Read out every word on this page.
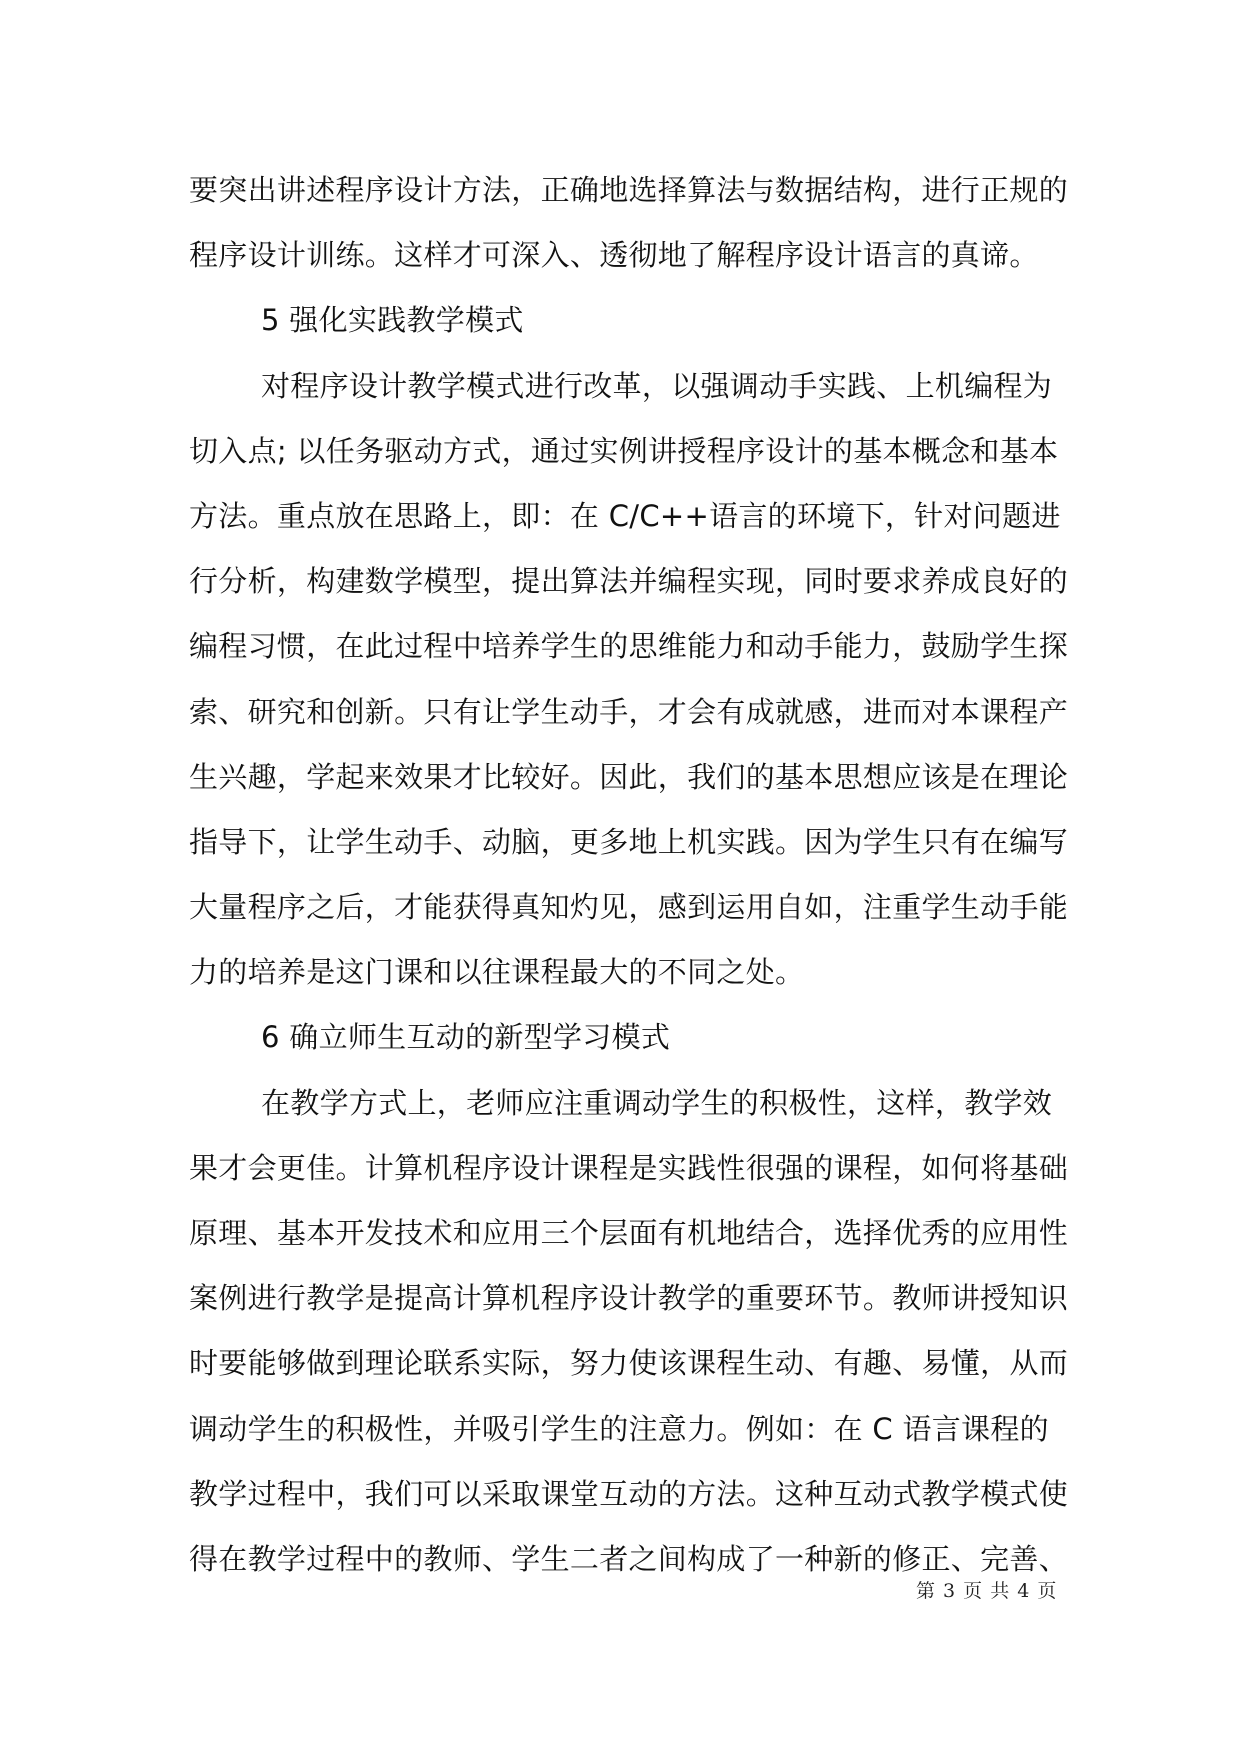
要突出讲述程序设计方法，正确地选择算法与数据结构，进行正规的
程序设计训练。这样才可深入、透彻地了解程序设计语言的真谛。
5 强化实践教学模式
对程序设计教学模式进行改革，以强调动手实践、上机编程为
切入点; 以任务驱动方式，通过实例讲授程序设计的基本概念和基本
方法。重点放在思路上，即：在 C/C++语言的环境下，针对问题进
行分析，构建数学模型，提出算法并编程实现，同时要求养成良好的
编程习惯，在此过程中培养学生的思维能力和动手能力，鼓励学生探
索、研究和创新。只有让学生动手，才会有成就感，进而对本课程产
生兴趣，学起来效果才比较好。因此，我们的基本思想应该是在理论
指导下，让学生动手、动脑，更多地上机实践。因为学生只有在编写
大量程序之后，才能获得真知灼见，感到运用自如，注重学生动手能
力的培养是这门课和以往课程最大的不同之处。
6 确立师生互动的新型学习模式
在教学方式上，老师应注重调动学生的积极性，这样，教学效
果才会更佳。计算机程序设计课程是实践性很强的课程，如何将基础
原理、基本开发技术和应用三个层面有机地结合，选择优秀的应用性
案例进行教学是提高计算机程序设计教学的重要环节。教师讲授知识
时要能够做到理论联系实际，努力使该课程生动、有趣、易懂，从而
调动学生的积极性，并吸引学生的注意力。例如：在 C 语言课程的
教学过程中，我们可以采取课堂互动的方法。这种互动式教学模式使
得在教学过程中的教师、学生二者之间构成了一种新的修正、完善、
第 3 页 共 4 页
